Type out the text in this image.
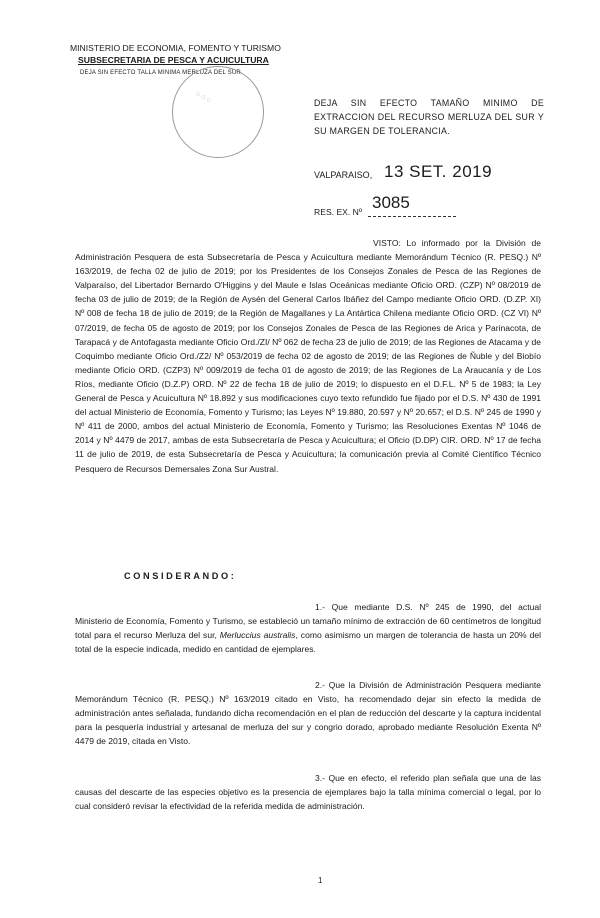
MINISTERIO DE ECONOMIA, FOMENTO Y TURISMO
SUBSECRETARIA DE PESCA Y ACUICULTURA
DEJA SIN EFECTO TALLA MINIMA MERLUZA DEL SUR
◌ ◌ ◌	DEJA SIN EFECTO TAMAÑO MINIMO DE EXTRACCION DEL RECURSO MERLUZA DEL SUR Y SU MARGEN DE TOLERANCIA.
VALPARAISO, 13 SET. 2019
RES. EX. Nº 3085
VISTO: Lo informado por la División de Administración Pesquera de esta Subsecretaría de Pesca y Acuicultura mediante Memorándum Técnico (R. PESQ.) Nº 163/2019, de fecha 02 de julio de 2019; por los Presidentes de los Consejos Zonales de Pesca de las Regiones de Valparaíso, del Libertador Bernardo O'Higgins y del Maule e Islas Oceánicas mediante Oficio ORD. (CZP) Nº 08/2019 de fecha 03 de julio de 2019; de la Región de Aysén del General Carlos Ibáñez del Campo mediante Oficio ORD. (D.ZP. XI) Nº 008 de fecha 18 de julio de 2019; de la Región de Magallanes y La Antártica Chilena mediante Oficio ORD. (CZ VI) Nº 07/2019, de fecha 05 de agosto de 2019; por los Consejos Zonales de Pesca de las Regiones de Arica y Parinacota, de Tarapacá y de Antofagasta mediante Oficio Ord./ZI/ Nº 062 de fecha 23 de julio de 2019; de las Regiones de Atacama y de Coquimbo mediante Oficio Ord./Z2/ Nº 053/2019 de fecha 02 de agosto de 2019; de las Regiones de Ñuble y del Biobío mediante Oficio ORD. (CZP3) Nº 009/2019 de fecha 01 de agosto de 2019; de las Regiones de La Araucanía y de Los Ríos, mediante Oficio (D.Z.P) ORD. Nº 22 de fecha 18 de julio de 2019; lo dispuesto en el D.F.L. Nº 5 de 1983; la Ley General de Pesca y Acuicultura Nº 18.892 y sus modificaciones cuyo texto refundido fue fijado por el D.S. Nº 430 de 1991 del actual Ministerio de Economía, Fomento y Turismo; las Leyes Nº 19.880, 20.597 y Nº 20.657; el D.S. Nº 245 de 1990 y Nº 411 de 2000, ambos del actual Ministerio de Economía, Fomento y Turismo; las Resoluciones Exentas Nº 1046 de 2014 y Nº 4479 de 2017, ambas de esta Subsecretaría de Pesca y Acuicultura; el Oficio (D.DP) CIR. ORD. Nº 17 de fecha 11 de julio de 2019, de esta Subsecretaría de Pesca y Acuicultura; la comunicación previa al Comité Científico Técnico Pesquero de Recursos Demersales Zona Sur Austral.
CONSIDERANDO:
1.- Que mediante D.S. Nº 245 de 1990, del actual Ministerio de Economía, Fomento y Turismo, se estableció un tamaño mínimo de extracción de 60 centímetros de longitud total para el recurso Merluza del sur, Merluccius australis, como asimismo un margen de tolerancia de hasta un 20% del total de la especie indicada, medido en cantidad de ejemplares.
2.- Que la División de Administración Pesquera mediante Memorándum Técnico (R. PESQ.) Nº 163/2019 citado en Visto, ha recomendado dejar sin efecto la medida de administración antes señalada, fundando dicha recomendación en el plan de reducción del descarte y la captura incidental para la pesquería industrial y artesanal de merluza del sur y congrio dorado, aprobado mediante Resolución Exenta Nº 4479 de 2019, citada en Visto.
3.- Que en efecto, el referido plan señala que una de las causas del descarte de las especies objetivo es la presencia de ejemplares bajo la talla mínima comercial o legal, por lo cual consideró revisar la efectividad de la referida medida de administración.
1
